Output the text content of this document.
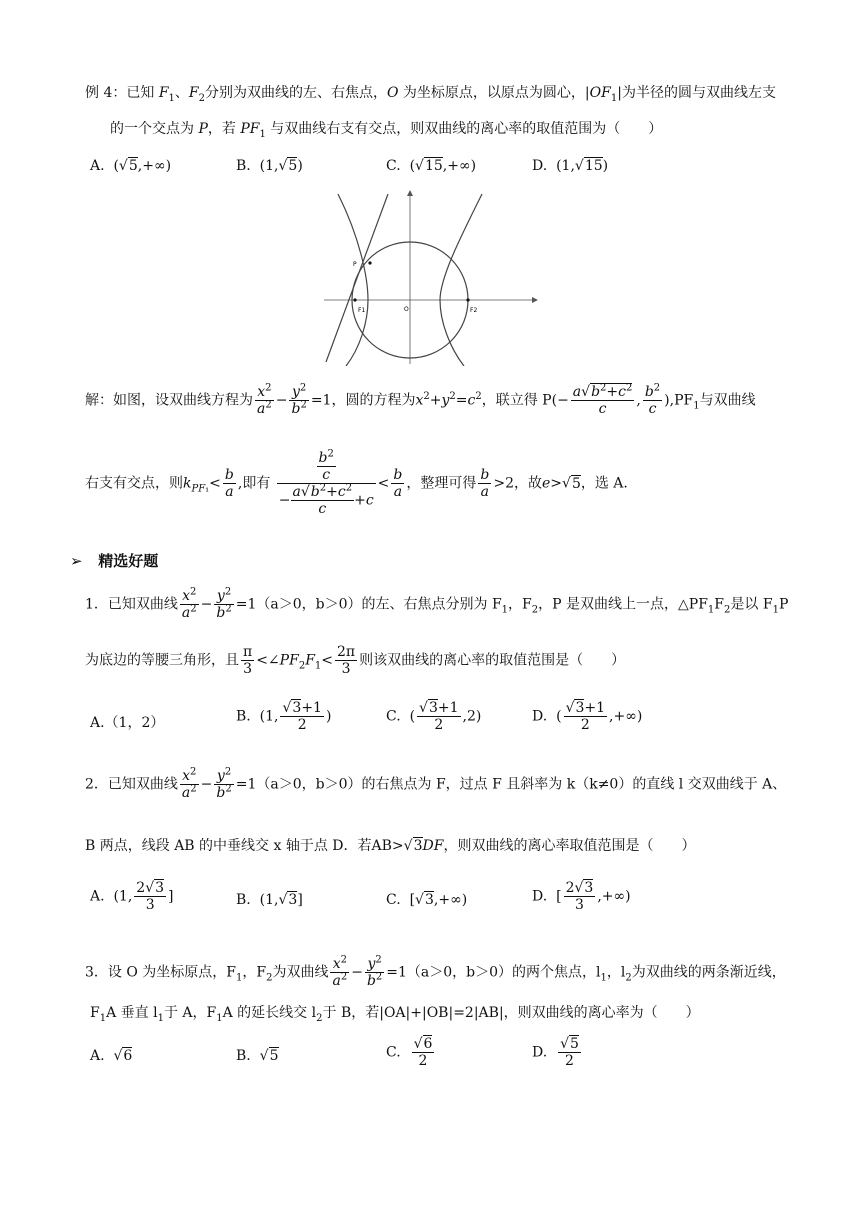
例 4：已知 $F_1$、$F_2$分别为双曲线的左、右焦点，O 为坐标原点，以原点为圆心，$|OF_1|$为半径的圆与双曲线左支
的一个交点为 P，若 $PF_1$ 与双曲线右支有交点，则双曲线的离心率的取值范围为（　　）
A.  (√5,+∞)	B.  (1,√5)	C.  (√15,+∞)	D.  (1,√15)
P
F1	O	F2
解：如图，设双曲线方程为 $\frac{x^2}{a^2} - \frac{y^2}{b^2} =1$，圆的方程为$x^2+y^2=c^2$，联立得 $P(- \frac{a√b^2+c^2}{c}$ , $\frac{b^2}{c} ),PF_1$与双曲线
右支有交点，则$k_{PF_1}< \frac{b}{a}$ ,即有 $\frac{\frac{b^2}{c}}{- \frac{a√b^2+c^2}{c} +c} < \frac{b}{a}$ ，整理可得 $\frac{b}{a} >2$，故e>√5，选 A.
➢ 精选好题
1．已知双曲线 $\frac{x^2}{a^2} - \frac{y^2}{b^2} =1(a>0$，b＞0）的左、右焦点分别为 $F_1$，$F_2$，P 是双曲线上一点，$\triangle PF_1F_2$是以 $F_1P$
为底边的等腰三角形，且 $\frac{\pi}{3}$ $<\angle PF_2F_1< \frac{2\pi}{3}$ 则该双曲线的离心率的取值范围是（　　）
A.（1，2）	B.  (1, $\frac{√3+1}{2}$ )	C.  ( $\frac{√3+1}{2} ,2$)	D.  ( $\frac{√3+1}{2}$ ,+∞)
2．已知双曲线 $\frac{x^2}{a^2} - \frac{y^2}{b^2} =1(a>0$，b＞0）的右焦点为 F，过点 F 且斜率为 k（k≠0）的直线 l 交双曲线于 A、
B 两点，线段 AB 的中垂线交 x 轴于点 D．若AB>√3DF，则双曲线的离心率取值范围是（　　）
A.  (1, $\frac{2√3}{3}$ ]	B.  (1,√3]	C.  [√3,+∞)	D.  [ $\frac{2√3}{3}$ ,+∞)
3．设 O 为坐标原点，$F_1$，$F_2$为双曲线 $\frac{x^2}{a^2} - \frac{y^2}{b^2} =1(a>0$，b＞0）的两个焦点，$l_1$，$l_2$为双曲线的两条渐近线，
$F_1A$ 垂直 $l_1$于 A，$F_1A$ 的延长线交 $l_2$于 B，若|OA|+|OB|=2|AB|，则双曲线的离心率为（　　）
A.  √6	B.  √5	C. $\frac{√6}{2}$	D. $\frac{√5}{2}$
